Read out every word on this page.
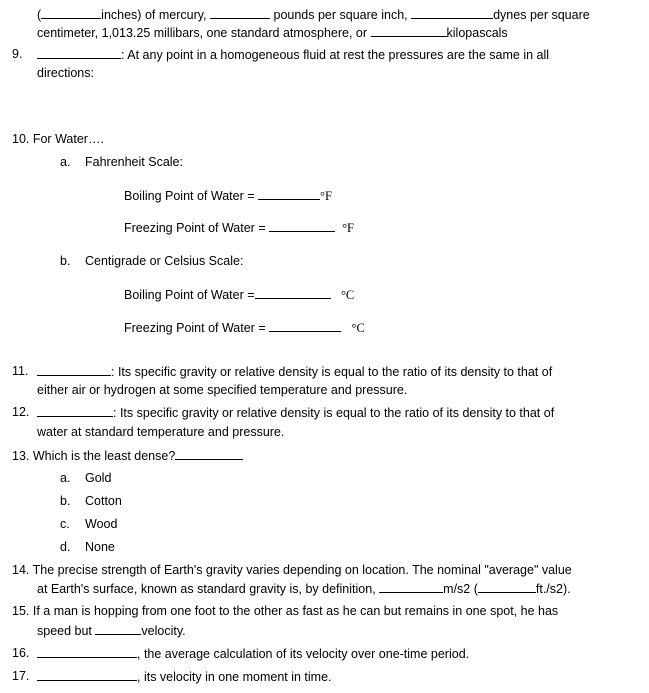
(	inches) of mercury,	pounds per square inch,	dynes per square
centimeter, 1,013.25 millibars, one standard atmosphere, or	kilopascals
9.	: At any point in a homogeneous fluid at rest the pressures are the same in all
directions:
10. For Water….
a. Fahrenheit Scale:
Boiling Point of Water =	°F
Freezing Point of Water =	°F
b. Centigrade or Celsius Scale:
Boiling Point of Water =	°C
Freezing Point of Water =	°C
11.	: Its specific gravity or relative density is equal to the ratio of its density to that of
either air or hydrogen at some specified temperature and pressure.
12.	: Its specific gravity or relative density is equal to the ratio of its density to that of
water at standard temperature and pressure.
13. Which is the least dense?
a. Gold
b. Cotton
c. Wood
d. None
14. The precise strength of Earth's gravity varies depending on location. The nominal "average" value
at Earth's surface, known as standard gravity is, by definition,	m/s2 (	ft./s2).
15. If a man is hopping from one foot to the other as fast as he can but remains in one spot, he has
speed but	velocity.
16.	, the average calculation of its velocity over one-time period.
17.	, its velocity in one moment in time.
